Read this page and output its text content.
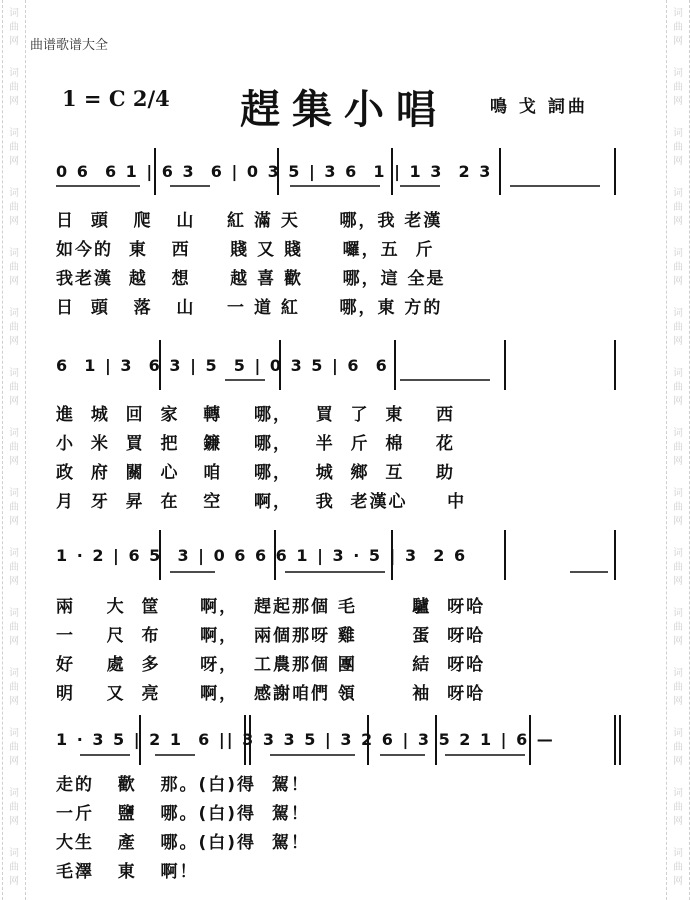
词
曲
网
词
曲
网
词
曲
网
词
曲
网
词
曲
网
词
曲
网
词
曲
网
词
曲
网
词
曲
网
词
曲
网
词
曲
网
词
曲
网
词
曲
网
词
曲
网
词
曲
网
词
曲
网
词
曲
网
词
曲
网
词
曲
网
词
曲
网
词
曲
网
词
曲
网
词
曲
网
词
曲
网
词
曲
网
词
曲
网
词
曲
网
词
曲
网
词
曲
网
词
曲
网
曲谱歌谱大全
1 = C 2/4 趕集小唱 鳴 戈 詞曲
0 6  6 1 | 6 3  6 | 0 3 5 | 3 6  1 | 1 3  2 3
6  1 | 3  6 3 | 5  5 | 0 3 5 | 6  6
1 · 2 | 6 5  3 | 0 6 6 6 1 | 3 · 5 | 3  2 6
1 · 3 5 | 2 1  6 || 3 3 3 5 | 3 2 6 | 3 5 2 1 | 6 —
日  頭   爬   山    紅 滿 天     哪，我 老漢
如今的  東   西     賤 又 賤     囉，五  斤
我老漢  越   想     越 喜 歡     哪，這 全是
日  頭   落   山    一 道 紅     哪，東 方的
進  城  回  家   轉    哪，   買  了  東    西
小  米  買  把   鐮    哪，   半  斤  棉    花
政  府  關  心   咱    哪，   城  鄉  互    助
月  牙  昇  在   空    啊，   我  老漢心     中
兩    大  筐     啊，  趕起那個 毛       驢  呀哈
一    尺  布     啊，  兩個那呀 雞       蛋  呀哈
好    處  多     呀，  工農那個 團       結  呀哈
明    又  亮     啊，  感謝咱們 領       袖  呀哈
走的   歡   那。(白)得  駕！
一斤   鹽   哪。(白)得  駕！
大生   產   哪。(白)得  駕！
毛澤   東   啊！
